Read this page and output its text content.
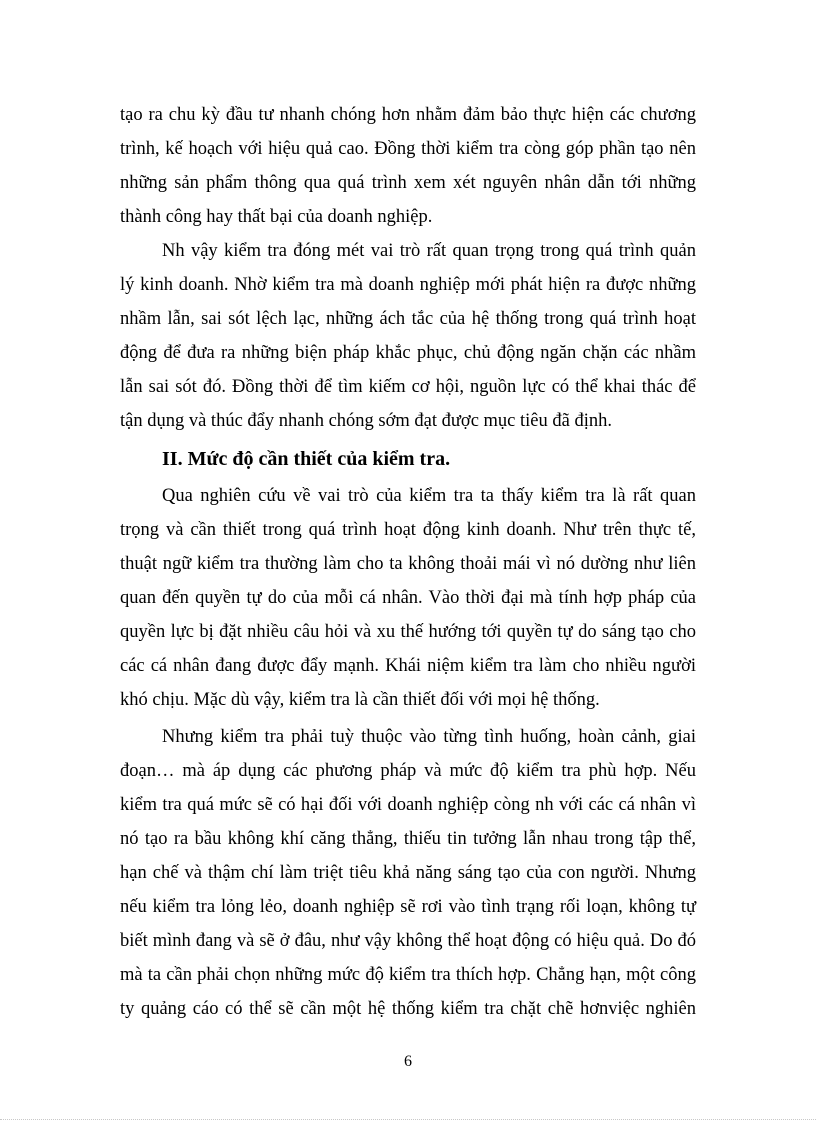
tạo ra chu kỳ đầu tư nhanh chóng hơn nhằm đảm bảo thực hiện các chương
trình, kế hoạch với hiệu quả cao. Đồng thời kiểm tra còng góp phần tạo nên
những sản phẩm thông qua quá trình xem xét nguyên nhân dẫn tới những
thành công hay thất bại của doanh nghiệp.
Nh vậy kiểm tra đóng mét vai trò rất quan trọng trong quá trình quản
lý kinh doanh. Nhờ kiểm tra mà doanh nghiệp mới phát hiện ra được những
nhầm lẫn, sai sót lệch lạc, những ách tắc của hệ thống trong quá trình hoạt
động để đưa ra những biện pháp khắc phục, chủ động ngăn chặn các nhầm
lẫn sai sót đó. Đồng thời để tìm kiếm cơ hội, nguồn lực có thể khai thác để
tận dụng và thúc đẩy nhanh chóng sớm đạt được mục tiêu đã định.
II. Mức độ cần thiết của kiểm tra.
Qua nghiên cứu về vai trò của kiểm tra ta thấy kiểm tra là rất quan
trọng và cần thiết trong quá trình hoạt động kinh doanh. Như trên thực tế,
thuật ngữ kiểm tra thường làm cho ta không thoải mái vì nó dường như liên
quan đến quyền tự do của mỗi cá nhân. Vào thời đại mà tính hợp pháp của
quyền lực bị đặt nhiều câu hỏi và xu thế hướng tới quyền tự do sáng tạo cho
các cá nhân đang được đẩy mạnh. Khái niệm kiểm tra làm cho nhiều người
khó chịu. Mặc dù vậy, kiểm tra là cần thiết đối với mọi hệ thống.
Nhưng kiểm tra phải tuỳ thuộc vào từng tình huống, hoàn cảnh, giai
đoạn… mà áp dụng các phương pháp và mức độ kiểm tra phù hợp. Nếu
kiểm tra quá mức sẽ có hại đối với doanh nghiệp còng nh với các cá nhân vì
nó tạo ra bầu không khí căng thẳng, thiếu tin tưởng lẫn nhau trong tập thể,
hạn chế và thậm chí làm triệt tiêu khả năng sáng tạo của con người. Nhưng
nếu kiểm tra lỏng lẻo, doanh nghiệp sẽ rơi vào tình trạng rối loạn, không tự
biết mình đang và sẽ ở đâu, như vậy không thể hoạt động có hiệu quả. Do đó
mà ta cần phải chọn những mức độ kiểm tra thích hợp. Chẳng hạn, một công
ty quảng cáo có thể sẽ cần một hệ thống kiểm tra chặt chẽ hơnviệc nghiên
6
